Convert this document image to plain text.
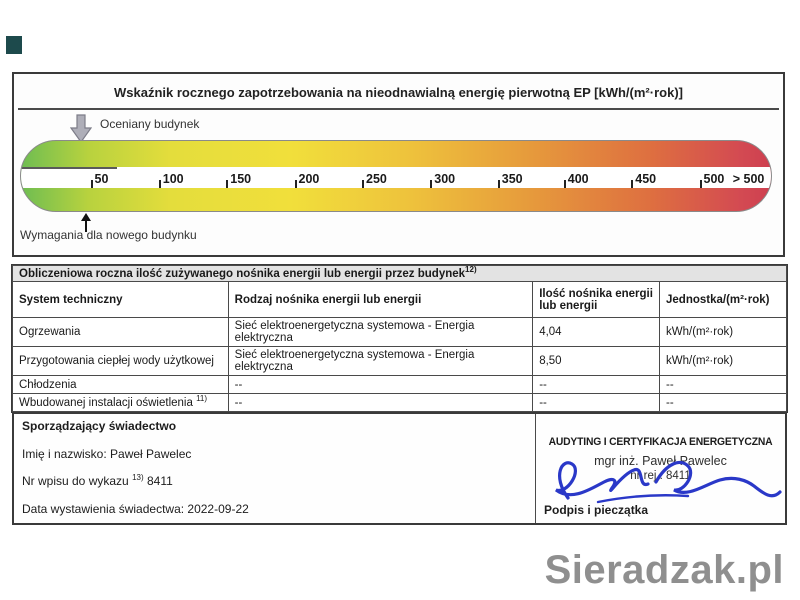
Wskaźnik rocznego zapotrzebowania na nieodnawialną energię pierwotną EP [kWh/(m²·rok)]
Oceniany budynek
50	100	150	200	250	300	350	400	450	500 > 500
Wymagania dla nowego budynku
Obliczeniowa roczna ilość zużywanego nośnika energii lub energii przez budynek$^{12)}$
System techniczny	Rodzaj nośnika energii lub energii	Ilość nośnika energii lub energii	Jednostka/(m²·rok)
Ogrzewania	Sieć elektroenergetyczna systemowa - Energia elektryczna	4,04	kWh/(m²·rok)
Przygotowania ciepłej wody użytkowej	Sieć elektroenergetyczna systemowa - Energia elektryczna	8,50	kWh/(m²·rok)
Chłodzenia	--	--	--
Wbudowanej instalacji oświetlenia $^{11)}$	--	--	--
Sporządzający świadectwo
Imię i nazwisko: Paweł Pawelec
Nr wpisu do wykazu $^{13)}$ 8411
Data wystawienia świadectwa: 2022-09-22
AUDYTING I CERTYFIKACJA ENERGETYCZNA
mgr inż. Paweł Pawelec
nr rej.: 8411
Podpis i pieczątka
Sieradzak.pl
